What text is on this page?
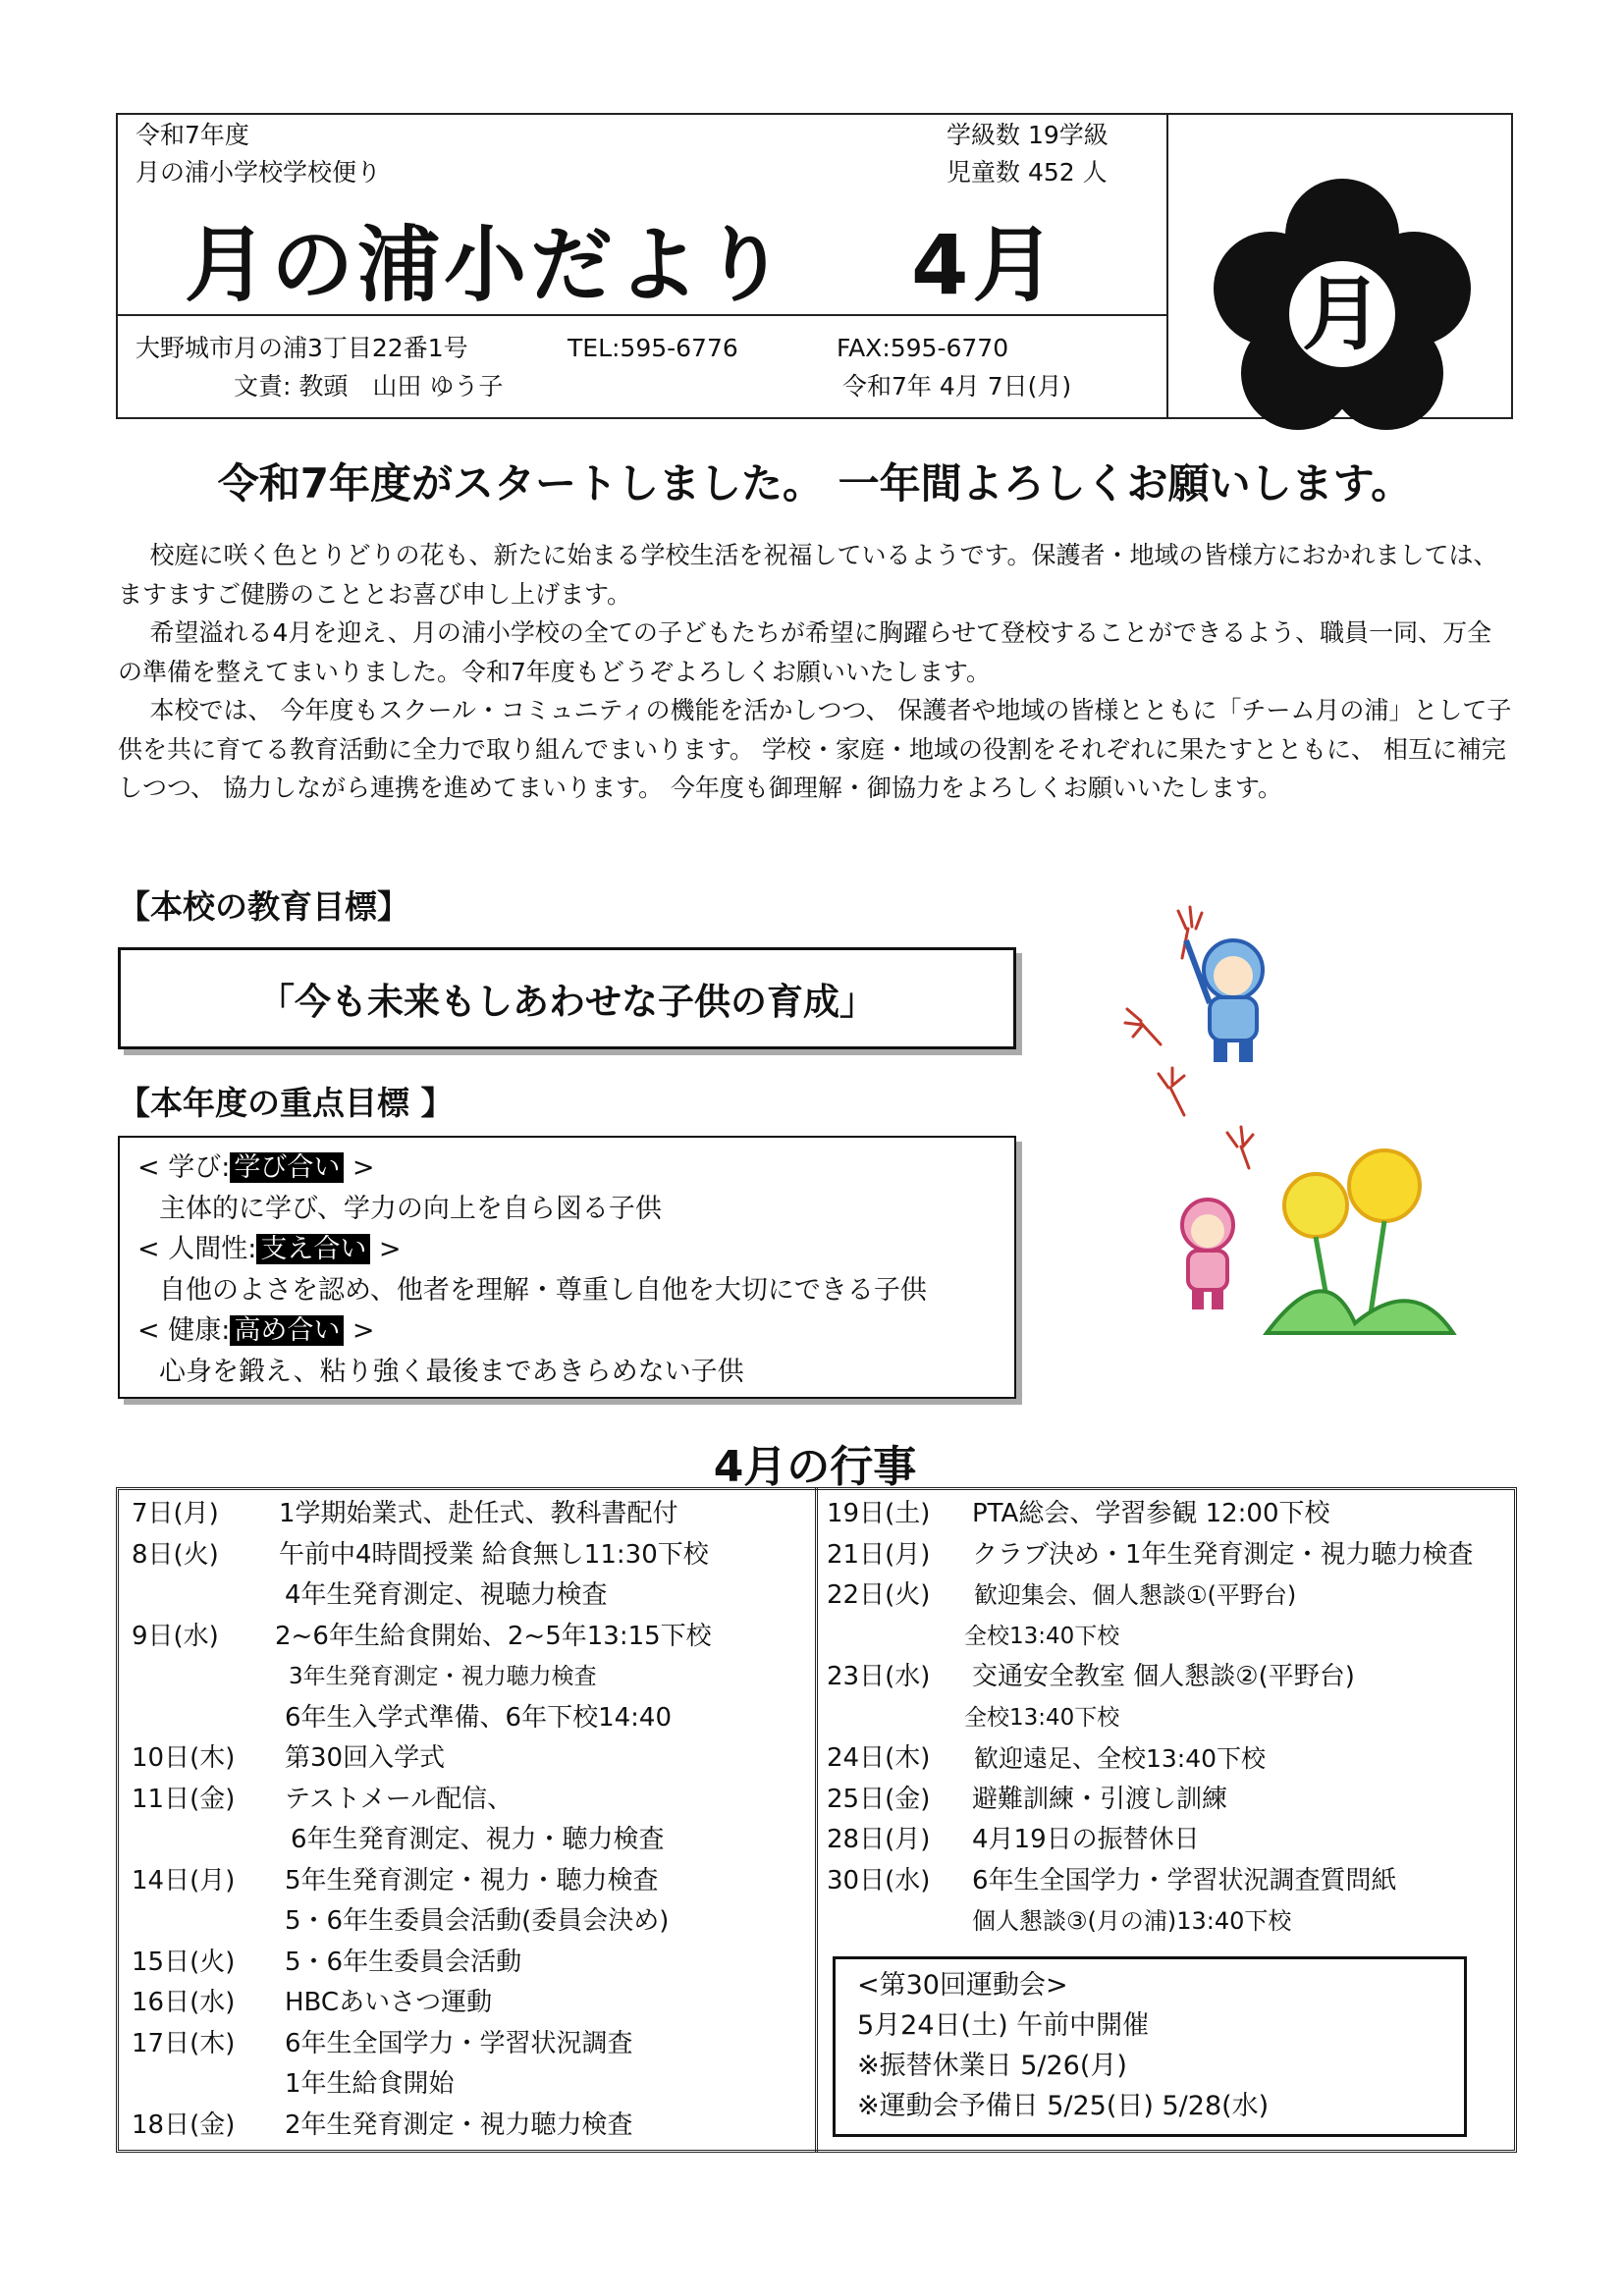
令和7年度
月の浦小学校学校便り
学級数 19学級
児童数 452 人
月の浦小だより 4月
大野城市月の浦3丁目22番1号	TEL:595-6776	FAX:595-6770
文責: 教頭　山田 ゆう子	令和7年 4月 7日(月)
月
令和7年度がスタートしました。 一年間よろしくお願いします。

校庭に咲く色とりどりの花も、新たに始まる学校生活を祝福しているようです。保護者・地域の皆様方におかれましては、ますますご健勝のこととお喜び申し上げます。

希望溢れる4月を迎え、月の浦小学校の全ての子どもたちが希望に胸躍らせて登校することができるよう、職員一同、万全の準備を整えてまいりました。令和7年度もどうぞよろしくお願いいたします。

本校では、 今年度もスクール・コミュニティの機能を活かしつつ、 保護者や地域の皆様とともに「チーム月の浦」として子供を共に育てる教育活動に全力で取り組んでまいります。 学校・家庭・地域の役割をそれぞれに果たすとともに、 相互に補完しつつ、 協力しながら連携を進めてまいります。 今年度も御理解・御協力をよろしくお願いいたします。

【本校の教育目標】
「今も未来もしあわせな子供の育成」
【本年度の重点目標 】
< 学び: 学び合い >
主体的に学び、学力の向上を自ら図る子供
< 人間性: 支え合い >
自他のよさを認め、他者を理解・尊重し自他を大切にできる子供
< 健康: 高め合い >
心身を鍛え、粘り強く最後まであきらめない子供
4月の行事
7日(月)	1学期始業式、赴任式、教科書配付
8日(火)	午前中4時間授業 給食無し11:30下校
4年生発育測定、視聴力検査
9日(水)	2~6年生給食開始、2~5年13:15下校
3年生発育測定・視力聴力検査
6年生入学式準備、6年下校14:40
10日(木)	第30回入学式
11日(金)	テストメール配信、
6年生発育測定、視力・聴力検査
14日(月)	5年生発育測定・視力・聴力検査
5・6年生委員会活動(委員会決め)
15日(火)	5・6年生委員会活動
16日(水)	HBCあいさつ運動
17日(木)	6年生全国学力・学習状況調査
1年生給食開始
18日(金)	2年生発育測定・視力聴力検査
19日(土)	PTA総会、学習参観 12:00下校
21日(月)	クラブ決め・1年生発育測定・視力聴力検査
22日(火)	歓迎集会、個人懇談①(平野台)
全校13:40下校
23日(水)	交通安全教室 個人懇談②(平野台)
全校13:40下校
24日(木)	歓迎遠足、全校13:40下校
25日(金)	避難訓練・引渡し訓練
28日(月)	4月19日の振替休日
30日(水)	6年生全国学力・学習状況調査質問紙
個人懇談③(月の浦)13:40下校
<第30回運動会>
5月24日(土) 午前中開催
※振替休業日 5/26(月)
※運動会予備日 5/25(日) 5/28(水)
